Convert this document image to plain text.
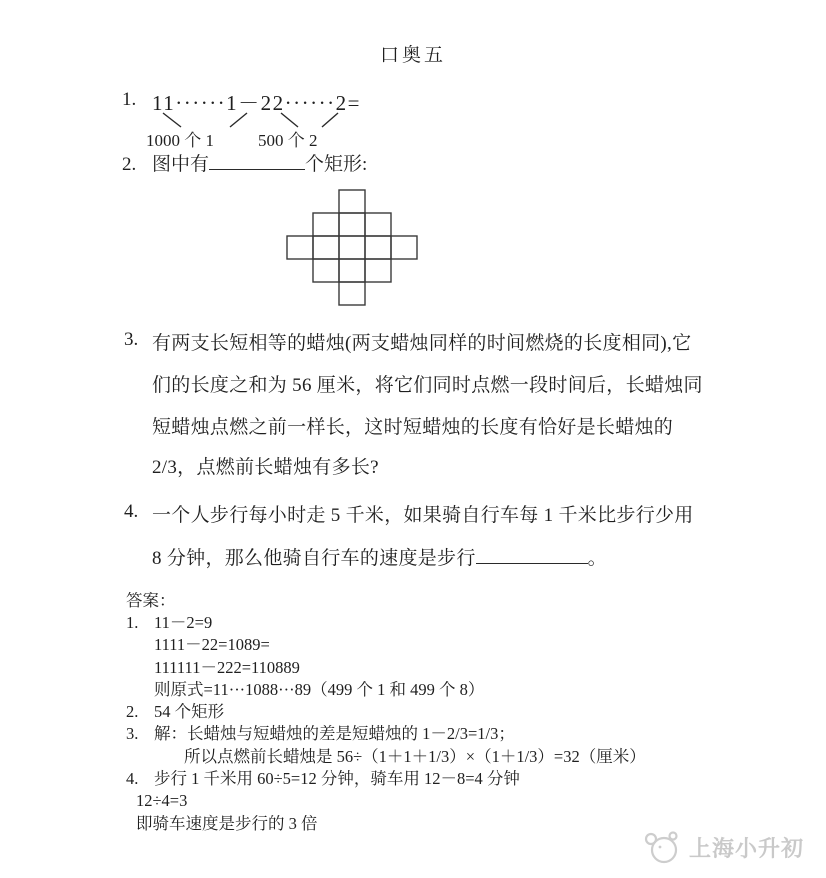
口奥五
1. 11······1－22······2=
1000 个 1	500 个 2
2. 图中有	个矩形:
3. 有两支长短相等的蜡烛(两支蜡烛同样的时间燃烧的长度相同),它
们的长度之和为 56 厘米，将它们同时点燃一段时间后，长蜡烛同
短蜡烛点燃之前一样长，这时短蜡烛的长度有恰好是长蜡烛的
2/3，点燃前长蜡烛有多长?
4. 一个人步行每小时走 5 千米，如果骑自行车每 1 千米比步行少用
8 分钟，那么他骑自行车的速度是步行	。
答案：
1. 11－2=9
1111－22=1089=
111111－222=110889
则原式=11···1088···89（499 个 1 和 499 个 8）
2. 54 个矩形
3. 解：长蜡烛与短蜡烛的差是短蜡烛的 1－2/3=1/3；
所以点燃前长蜡烛是 56÷（1＋1＋1/3）×（1＋1/3）=32（厘米）
4. 步行 1 千米用 60÷5=12 分钟，骑车用 12－8=4 分钟
12÷4=3
即骑车速度是步行的 3 倍
上海小升初
